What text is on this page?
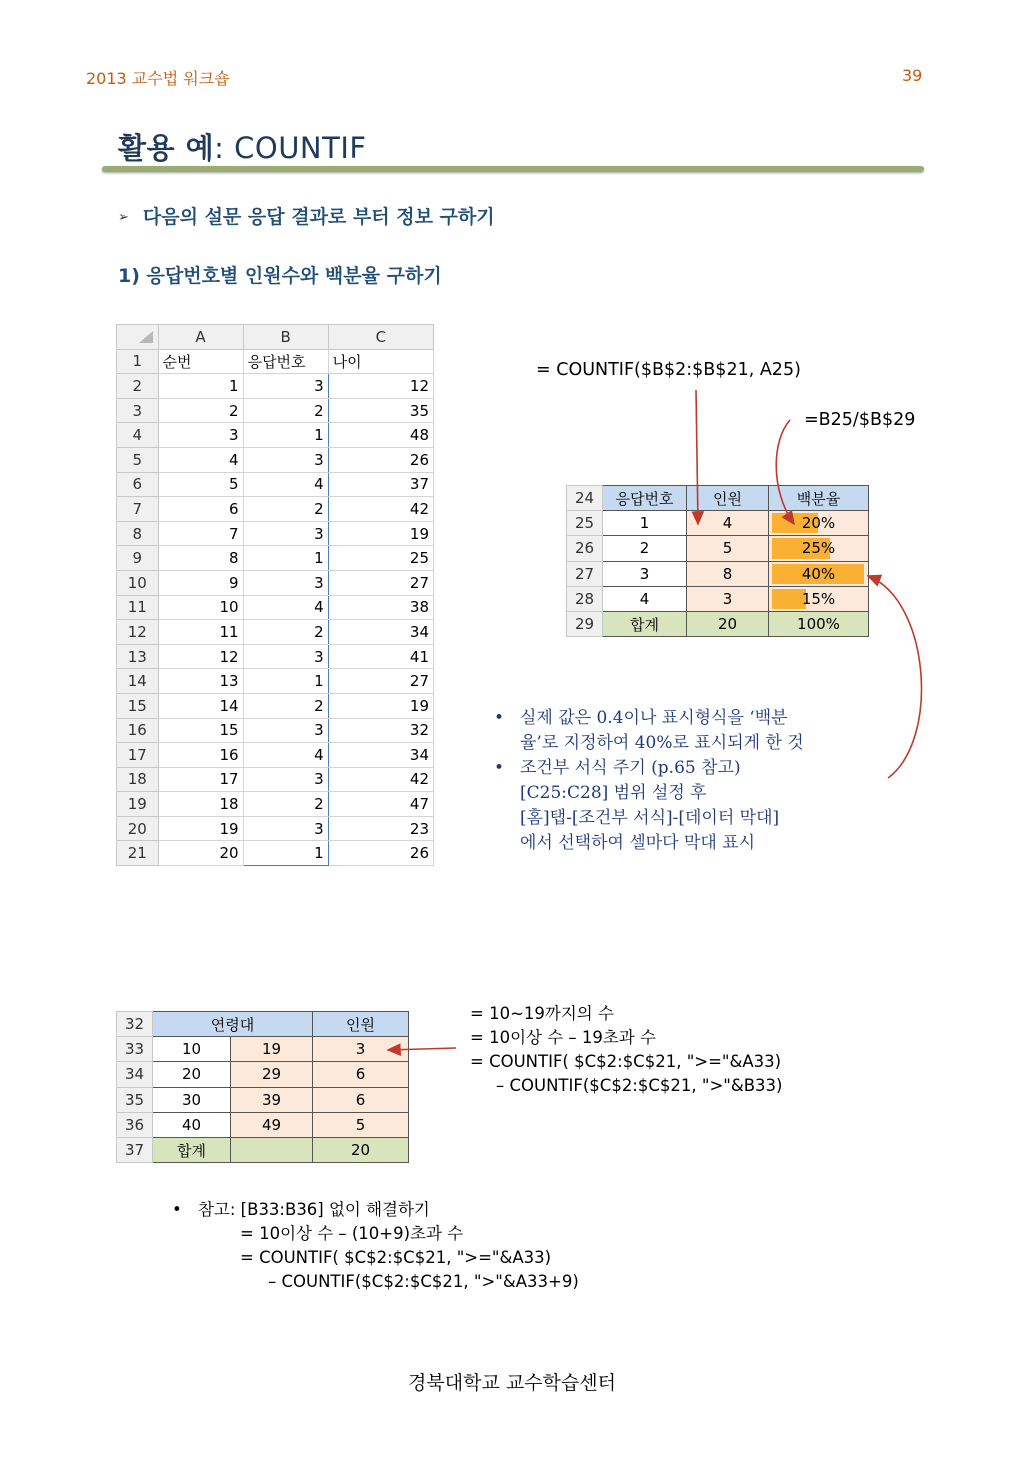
2013 교수법 워크숍	39
활용 예: COUNTIF
➢ 다음의 설문 응답 결과로 부터 정보 구하기
1) 응답번호별 인원수와 백분율 구하기
	A	B	C
1	순번	응답번호	나이
2	1	3	12
3	2	2	35
4	3	1	48
5	4	3	26
6	5	4	37
7	6	2	42
8	7	3	19
9	8	1	25
10	9	3	27
11	10	4	38
12	11	2	34
13	12	3	41
14	13	1	27
15	14	2	19
16	15	3	32
17	16	4	34
18	17	3	42
19	18	2	47
20	19	3	23
21	20	1	26
= COUNTIF($B$2:$B$21, A25)
=B25/$B$29
24	응답번호	인원	백분율
25	1	4	20%
26	2	5	25%
27	3	8	40%
28	4	3	15%
29	합계	20	100%
• 실제 값은 0.4이나 표시형식을 ‘백분
율’로 지정하여 40%로 표시되게 한 것
• 조건부 서식 주기 (p.65 참고)
[C25:C28] 범위 설정 후
[홈]탭-[조건부 서식]-[데이터 막대]
에서 선택하여 셀마다 막대 표시
32	연령대		인원
33	10	19	3
34	20	29	6
35	30	39	6
36	40	49	5
37	합계		20
= 10~19까지의 수
= 10이상 수 – 19초과 수
= COUNTIF( $C$2:$C$21, ">="&A33)
– COUNTIF($C$2:$C$21, ">"&B33)
• 참고: [B33:B36] 없이 해결하기
= 10이상 수 – (10+9)초과 수
= COUNTIF( $C$2:$C$21, ">="&A33)
– COUNTIF($C$2:$C$21, ">"&A33+9)
경북대학교 교수학습센터
